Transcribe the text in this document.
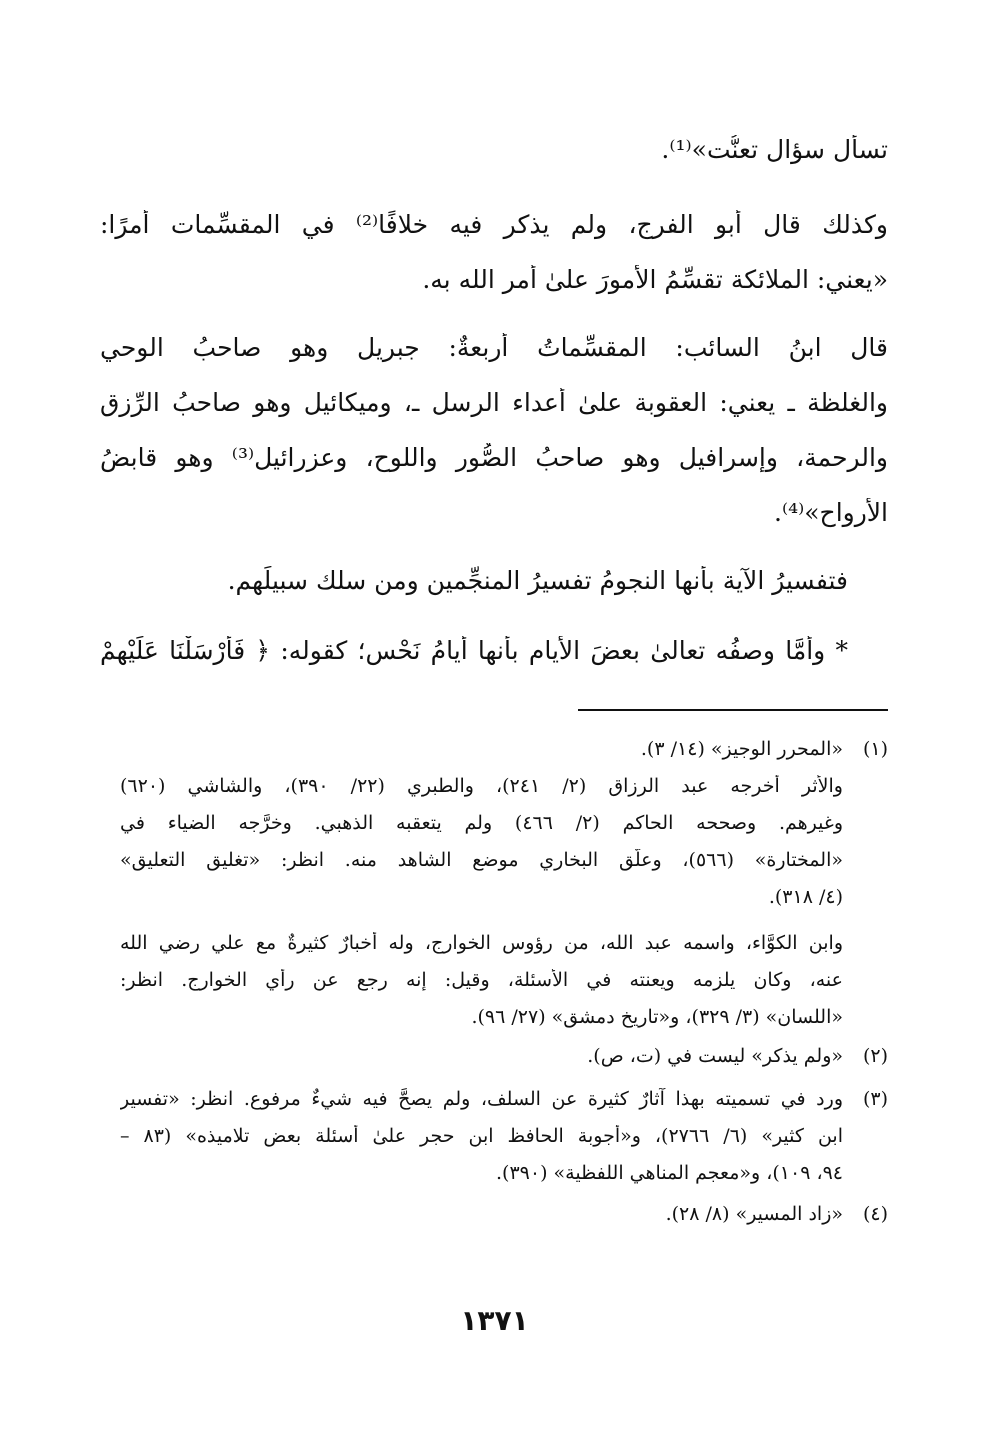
تسأل سؤال تعنُّت»⁽¹⁾.
وكذلك قال أبو الفرج، ولم يذكر فيه خلافًا⁽²⁾ في المقسِّمات أمرًا:
«يعني: الملائكة تقسِّمُ الأمورَ علىٰ أمر الله به.
قال ابنُ السائب: المقسِّماتُ أربعةٌ: جبريل وهو صاحبُ الوحي
والغلظة ـ يعني: العقوبة علىٰ أعداء الرسل ـ، وميكائيل وهو صاحبُ الرِّزق
والرحمة، وإسرافيل وهو صاحبُ الصُّور واللوح، وعزرائيل⁽³⁾ وهو قابضُ
الأرواح»⁽⁴⁾.
فتفسيرُ الآية بأنها النجومُ تفسيرُ المنجِّمين ومن سلك سبيلَهم.
* وأمَّا وصفُه تعالىٰ بعضَ الأيام بأنها أيامُ نَحْس؛ كقوله: ﴿ فَأَرْسَلْنَا عَلَيْهِمْ
(١)
«المحرر الوجيز» (١٤/ ٣).
والأثر أخرجه عبد الرزاق (٢/ ٢٤١)، والطبري (٢٢/ ٣٩٠)، والشاشي (٦٢٠)
وغيرهم. وصححه الحاكم (٢/ ٤٦٦) ولم يتعقبه الذهبي. وخرَّجه الضياء في
«المختارة» (٥٦٦)، وعلَّق البخاري موضع الشاهد منه. انظر: «تغليق التعليق»
(٤/ ٣١٨).
وابن الكوَّاء، واسمه عبد الله، من رؤوس الخوارج، وله أخبارٌ كثيرةٌ مع علي رضي الله
عنه، وكان يلزمه ويعنته في الأسئلة، وقيل: إنه رجع عن رأي الخوارج. انظر:
«اللسان» (٣/ ٣٢٩)، و«تاريخ دمشق» (٢٧/ ٩٦).
(٢)
«ولم يذكر» ليست في (ت، ص).
(٣)
ورد في تسميته بهذا آثارٌ كثيرة عن السلف، ولم يصحَّ فيه شيءٌ مرفوع. انظر: «تفسير
ابن كثير» (٦/ ٢٧٦٦)، و«أجوبة الحافظ ابن حجر علىٰ أسئلة بعض تلاميذه» (٨٣ –
٩٤، ١٠٩)، و«معجم المناهي اللفظية» (٣٩٠).
(٤)
«زاد المسير» (٨/ ٢٨).
١٣٧١
